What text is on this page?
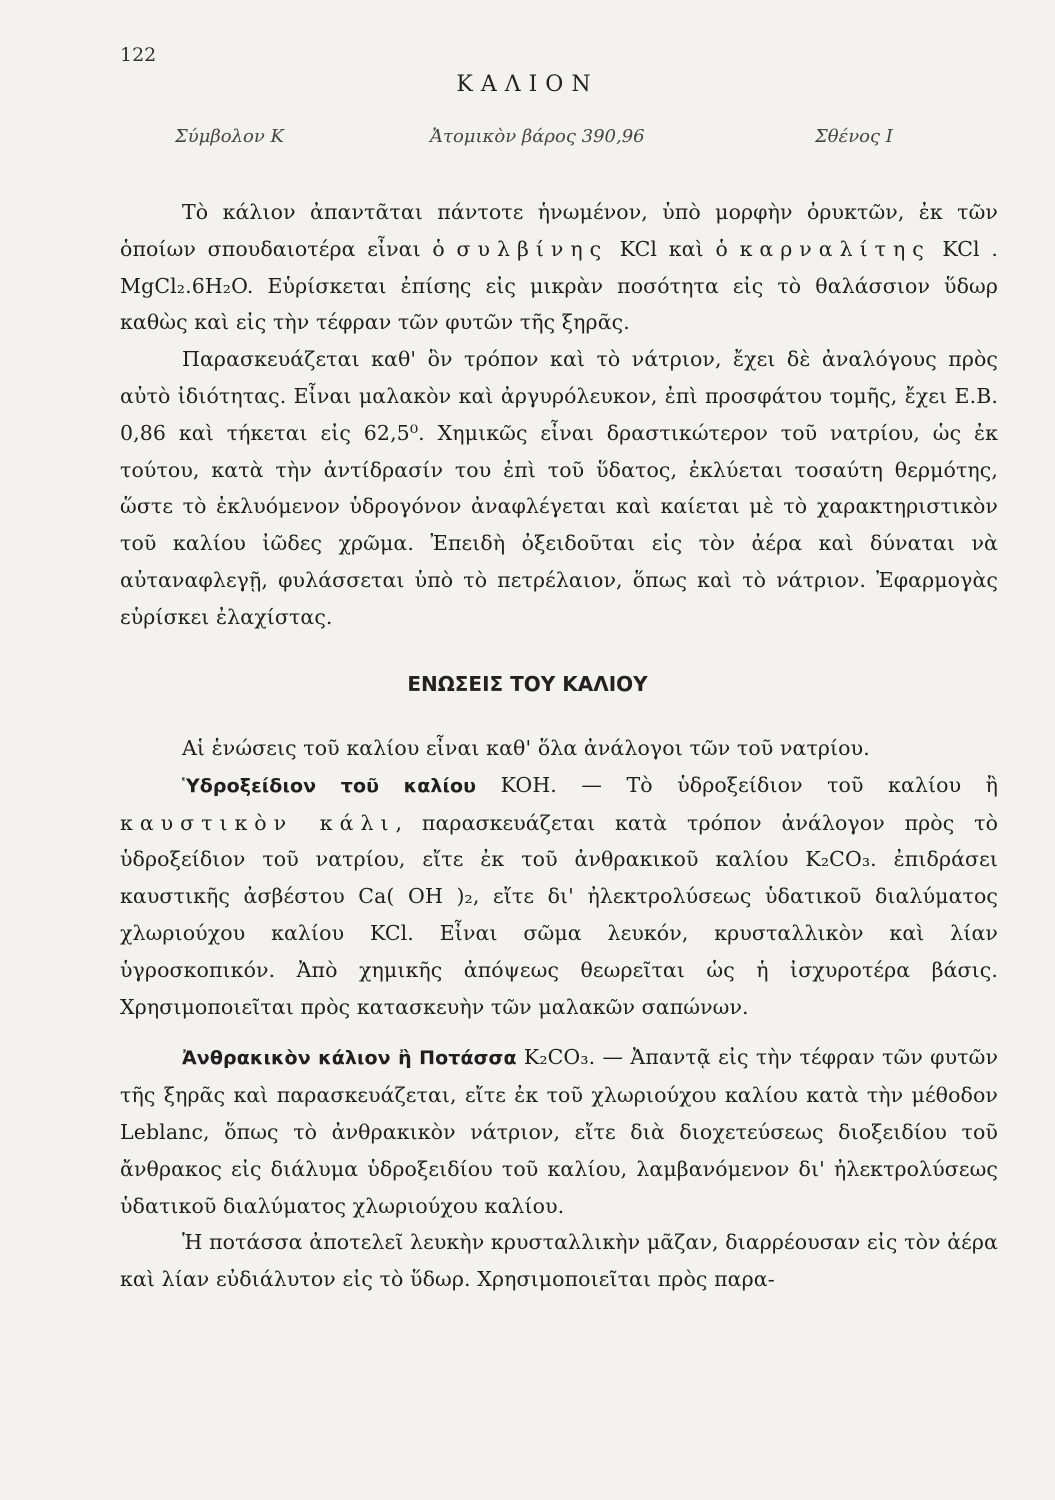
122
ΚΑΛΙΟΝ
Σύμβολον Κ	Ἀτομικὸν βάρος 390,96	Σθένος Ι

Τὸ κάλιον ἀπαντᾶται πάντοτε ἡνωμένον, ὑπὸ μορφὴν ὀρυκτῶν, ἐκ τῶν ὁποίων σπουδαιοτέρα εἶναι ὁ συλβίνης KCl καὶ ὁ καρναλίτης KCl . MgCl₂.6H₂O. Εὑρίσκεται ἐπίσης εἰς μικρὰν ποσότητα εἰς τὸ θαλάσσιον ὕδωρ καθὼς καὶ εἰς τὴν τέφραν τῶν φυτῶν τῆς ξηρᾶς.

Παρασκευάζεται καθ' ὃν τρόπον καὶ τὸ νάτριον, ἔχει δὲ ἀναλόγους πρὸς αὐτὸ ἰδιότητας. Εἶναι μαλακὸν καὶ ἀργυρόλευκον, ἐπὶ προσφάτου τομῆς, ἔχει Ε.Β. 0,86 καὶ τήκεται εἰς 62,5⁰. Χημικῶς εἶναι δραστικώτερον τοῦ νατρίου, ὡς ἐκ τούτου, κατὰ τὴν ἀντίδρασίν του ἐπὶ τοῦ ὕδατος, ἐκλύεται τοσαύτη θερμότης, ὥστε τὸ ἐκλυόμενον ὑδρογόνον ἀναφλέγεται καὶ καίεται μὲ τὸ χαρακτηριστικὸν τοῦ καλίου ἰῶδες χρῶμα. Ἐπειδὴ ὀξειδοῦται εἰς τὸν ἀέρα καὶ δύναται νὰ αὐταναφλεγῇ, φυλάσσεται ὑπὸ τὸ πετρέλαιον, ὅπως καὶ τὸ νάτριον. Ἐφαρμογὰς εὑρίσκει ἐλαχίστας.

ΕΝΩΣΕΙΣ ΤΟΥ ΚΑΛΙΟΥ

Αἱ ἑνώσεις τοῦ καλίου εἶναι καθ' ὅλα ἀνάλογοι τῶν τοῦ νατρίου.

Ὑδροξείδιον τοῦ καλίου KOH. — Τὸ ὑδροξείδιον τοῦ καλίου ἢ καυστικὸν κάλι, παρασκευάζεται κατὰ τρόπον ἀνάλογον πρὸς τὸ ὑδροξείδιον τοῦ νατρίου, εἴτε ἐκ τοῦ ἀνθρακικοῦ καλίου K₂CO₃. ἐπιδράσει καυστικῆς ἀσβέστου Ca( OH )₂, εἴτε δι' ἠλεκτρολύσεως ὑδατικοῦ διαλύματος χλωριούχου καλίου KCl. Εἶναι σῶμα λευκόν, κρυσταλλικὸν καὶ λίαν ὑγροσκοπικόν. Ἀπὸ χημικῆς ἀπόψεως θεωρεῖται ὡς ἡ ἰσχυροτέρα βάσις. Χρησιμοποιεῖται πρὸς κατασκευὴν τῶν μαλακῶν σαπώνων.

Ἀνθρακικὸν κάλιον ἢ Ποτάσσα K₂CO₃. — Ἀπαντᾷ εἰς τὴν τέφραν τῶν φυτῶν τῆς ξηρᾶς καὶ παρασκευάζεται, εἴτε ἐκ τοῦ χλωριούχου καλίου κατὰ τὴν μέθοδον Leblanc, ὅπως τὸ ἀνθρακικὸν νάτριον, εἴτε διὰ διοχετεύσεως διοξειδίου τοῦ ἄνθρακος εἰς διάλυμα ὑδροξειδίου τοῦ καλίου, λαμβανόμενον δι' ἠλεκτρολύσεως ὑδατικοῦ διαλύματος χλωριούχου καλίου.

Ἡ ποτάσσα ἀποτελεῖ λευκὴν κρυσταλλικὴν μᾶζαν, διαρρέουσαν εἰς τὸν ἀέρα καὶ λίαν εὐδιάλυτον εἰς τὸ ὕδωρ. Χρησιμοποιεῖται πρὸς παρα-
